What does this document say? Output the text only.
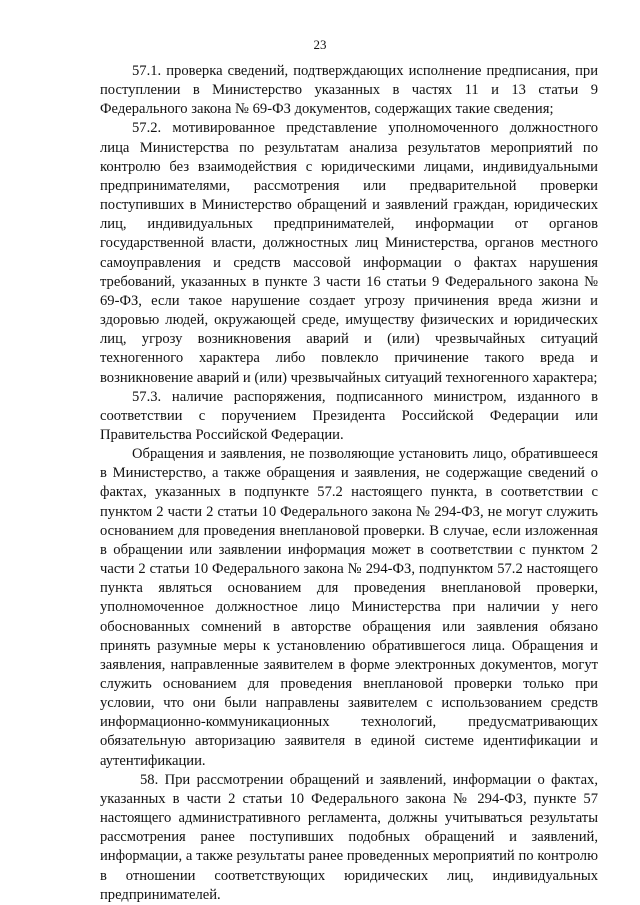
23

57.1. проверка сведений, подтверждающих исполнение предписания, при поступлении в Министерство указанных в частях 11 и 13 статьи 9 Федерального закона № 69-ФЗ документов, содержащих такие сведения;

57.2. мотивированное представление уполномоченного должностного лица Министерства по результатам анализа результатов мероприятий по контролю без взаимодействия с юридическими лицами, индивидуальными предпринимателями, рассмотрения или предварительной проверки поступивших в Министерство обращений и заявлений граждан, юридических лиц, индивидуальных предпринимателей, информации от органов государственной власти, должностных лиц Министерства, органов местного самоуправления и средств массовой информации о фактах нарушения требований, указанных в пункте 3 части 16 статьи 9 Федерального закона № 69-ФЗ, если такое нарушение создает угрозу причинения вреда жизни и здоровью людей, окружающей среде, имуществу физических и юридических лиц, угрозу возникновения аварий и (или) чрезвычайных ситуаций техногенного характера либо повлекло причинение такого вреда и возникновение аварий и (или) чрезвычайных ситуаций техногенного характера;

57.3. наличие распоряжения, подписанного министром, изданного в соответствии с поручением Президента Российской Федерации или Правительства Российской Федерации.

Обращения и заявления, не позволяющие установить лицо, обратившееся в Министерство, а также обращения и заявления, не содержащие сведений о фактах, указанных в подпункте 57.2 настоящего пункта, в соответствии с пунктом 2 части 2 статьи 10 Федерального закона № 294-ФЗ, не могут служить основанием для проведения внеплановой проверки. В случае, если изложенная в обращении или заявлении информация может в соответствии с пунктом 2 части 2 статьи 10 Федерального закона № 294-ФЗ, подпунктом 57.2 настоящего пункта являться основанием для проведения внеплановой проверки, уполномоченное должностное лицо Министерства при наличии у него обоснованных сомнений в авторстве обращения или заявления обязано принять разумные меры к установлению обратившегося лица. Обращения и заявления, направленные заявителем в форме электронных документов, могут служить основанием для проведения внеплановой проверки только при условии, что они были направлены заявителем с использованием средств информационно-коммуникационных технологий, предусматривающих обязательную авторизацию заявителя в единой системе идентификации и аутентификации.

58. При рассмотрении обращений и заявлений, информации о фактах, указанных в части 2 статьи 10 Федерального закона № 294-ФЗ, пункте 57 настоящего административного регламента, должны учитываться результаты рассмотрения ранее поступивших подобных обращений и заявлений, информации, а также результаты ранее проведенных мероприятий по контролю в отношении соответствующих юридических лиц, индивидуальных предпринимателей.
